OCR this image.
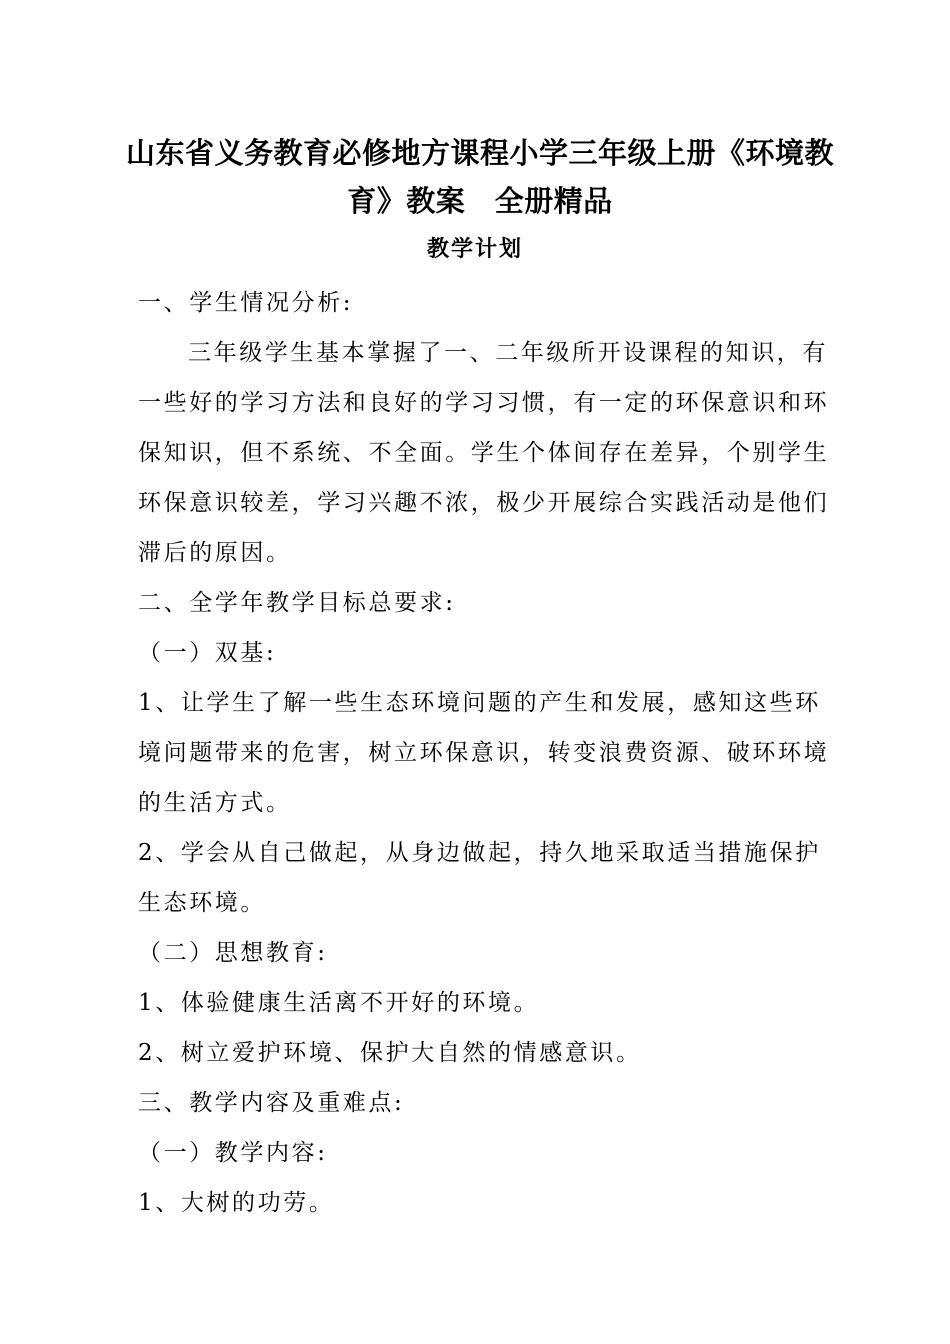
山东省义务教育必修地方课程小学三年级上册《环境教
育》教案　全册精品
教学计划
一、学生情况分析:
三年级学生基本掌握了一、二年级所开设课程的知识，有
一些好的学习方法和良好的学习习惯，有一定的环保意识和环
保知识，但不系统、不全面。学生个体间存在差异，个别学生
环保意识较差，学习兴趣不浓，极少开展综合实践活动是他们
滞后的原因。
二、全学年教学目标总要求:
（一）双基:
1、让学生了解一些生态环境问题的产生和发展，感知这些环
境问题带来的危害，树立环保意识，转变浪费资源、破环环境
的生活方式。
2、学会从自己做起，从身边做起，持久地采取适当措施保护
生态环境。
（二）思想教育:
1、体验健康生活离不开好的环境。
2、树立爱护环境、保护大自然的情感意识。
三、教学内容及重难点:
（一）教学内容:
1、大树的功劳。
